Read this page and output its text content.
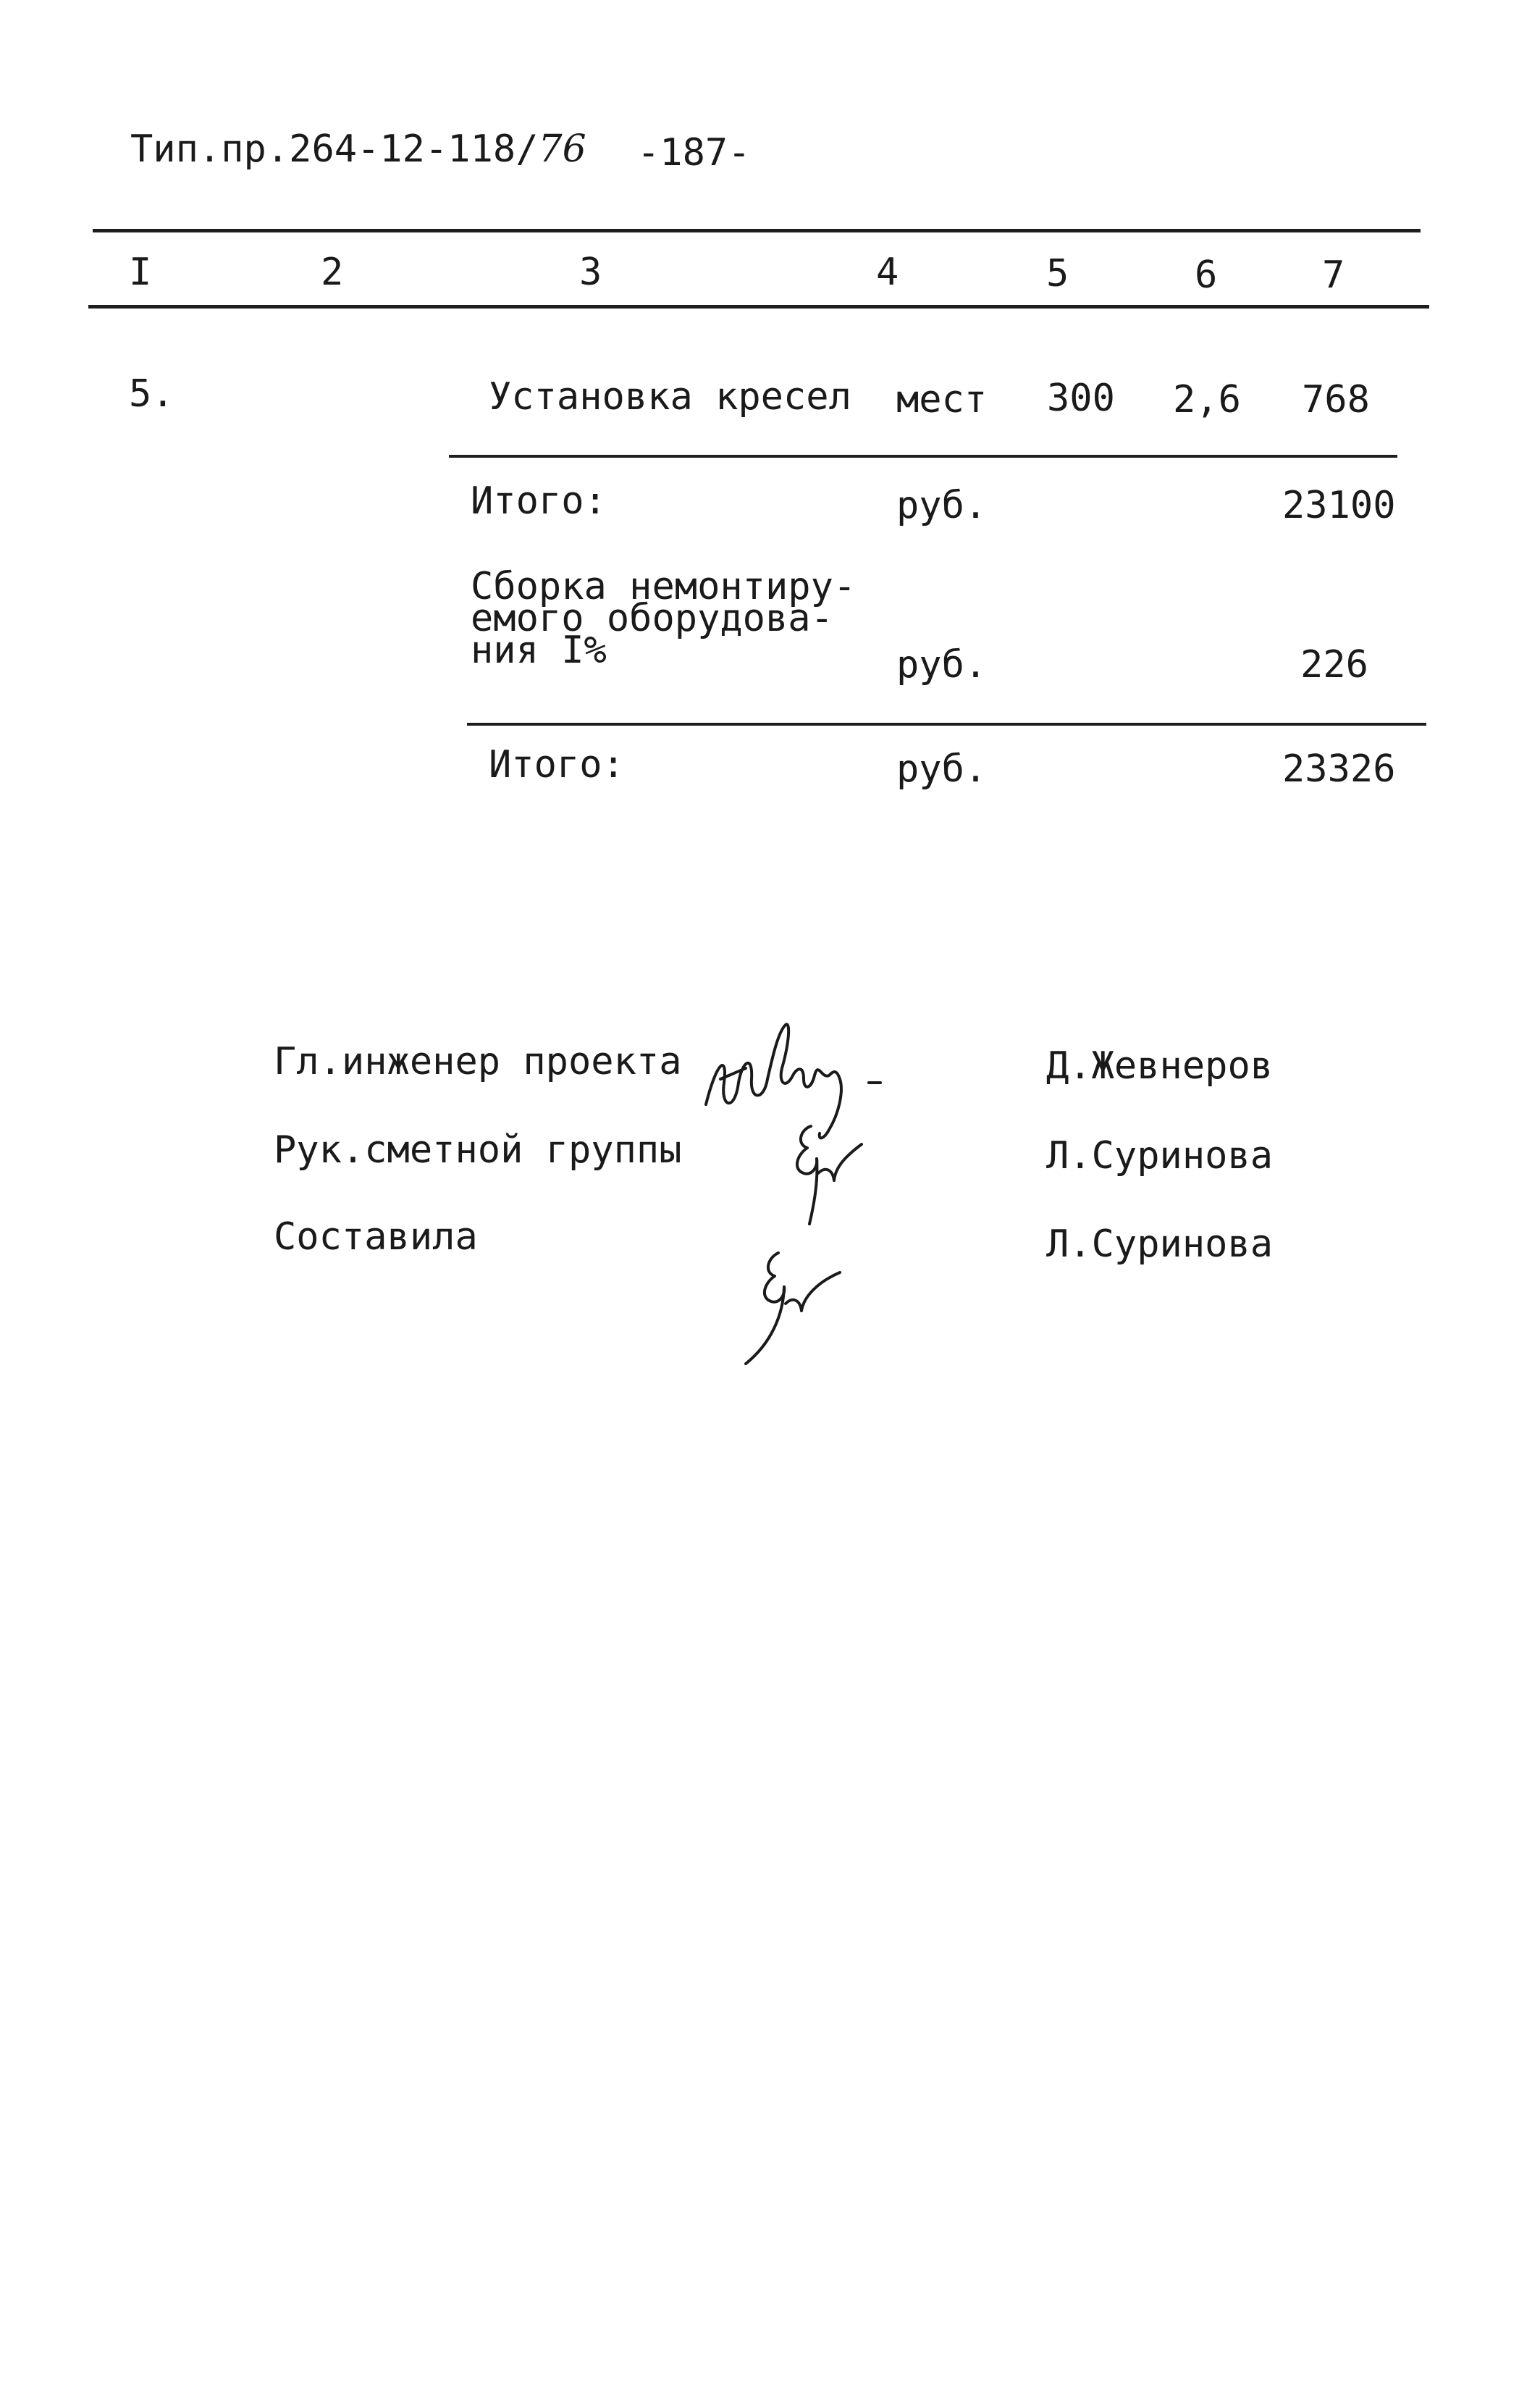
Тип.пр.264-12-118/76 -187-
I	2	3	4	5	6	7
5.	Установка кресел мест 300 2,6 768
Итого:	руб.	23100
Сборка немонтиру-
емого оборудова-
ния I%	руб.	226
Итого:	руб.	23326
Гл.инженер проекта	Д.Жевнеров
Рук.сметной группы	Л.Суринова
Составила	Л.Суринова
